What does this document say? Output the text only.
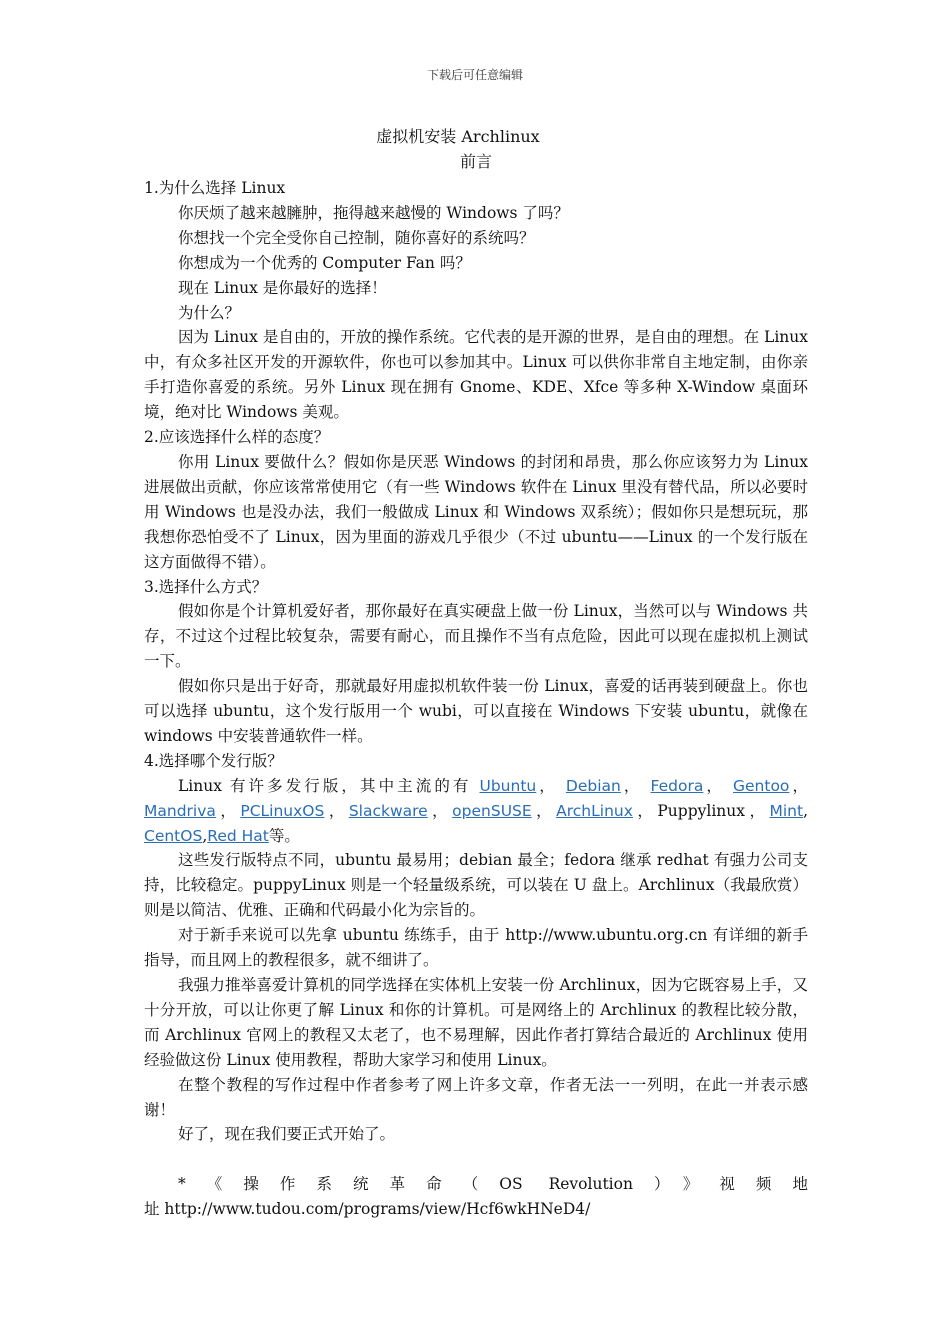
下载后可任意编辑
虚拟机安装 Archlinux
前言

1.为什么选择 Linux

你厌烦了越来越臃肿，拖得越来越慢的 Windows 了吗？

你想找一个完全受你自己控制，随你喜好的系统吗？

你想成为一个优秀的 Computer Fan 吗？

现在 Linux 是你最好的选择！

为什么？

因为 Linux 是自由的，开放的操作系统。它代表的是开源的世界，是自由的理想。在 Linux 中，有众多社区开发的开源软件，你也可以参加其中。Linux 可以供你非常自主地定制，由你亲手打造你喜爱的系统。另外 Linux 现在拥有 Gnome、KDE、Xfce 等多种 X-Window 桌面环境，绝对比 Windows 美观。

2.应该选择什么样的态度？

你用 Linux 要做什么？假如你是厌恶 Windows 的封闭和昂贵，那么你应该努力为 Linux 进展做出贡献，你应该常常使用它（有一些 Windows 软件在 Linux 里没有替代品，所以必要时用 Windows 也是没办法，我们一般做成 Linux 和 Windows 双系统）；假如你只是想玩玩，那我想你恐怕受不了 Linux，因为里面的游戏几乎很少（不过 ubuntu——Linux 的一个发行版在这方面做得不错）。

3.选择什么方式？

假如你是个计算机爱好者，那你最好在真实硬盘上做一份 Linux，当然可以与 Windows 共存，不过这个过程比较复杂，需要有耐心，而且操作不当有点危险，因此可以现在虚拟机上测试一下。

假如你只是出于好奇，那就最好用虚拟机软件装一份 Linux，喜爱的话再装到硬盘上。你也可以选择 ubuntu，这个发行版用一个 wubi，可以直接在 Windows 下安装 ubuntu，就像在 windows 中安装普通软件一样。

4.选择哪个发行版？

Linux 有许多发行版，其中主流的有 Ubuntu， Debian， Fedora， Gentoo，Mandriva，PCLinuxOS，Slackware，openSUSE，ArchLinux，Puppylinux，Mint, CentOS,Red Hat等。

这些发行版特点不同，ubuntu 最易用；debian 最全；fedora 继承 redhat 有强力公司支持，比较稳定。puppyLinux 则是一个轻量级系统，可以装在 U 盘上。Archlinux（我最欣赏）则是以简洁、优雅、正确和代码最小化为宗旨的。

对于新手来说可以先拿 ubuntu 练练手，由于 http://www.ubuntu.org.cn 有详细的新手指导，而且网上的教程很多，就不细讲了。

我强力推举喜爱计算机的同学选择在实体机上安装一份 Archlinux，因为它既容易上手，又十分开放，可以让你更了解 Linux 和你的计算机。可是网络上的 Archlinux 的教程比较分散，而 Archlinux 官网上的教程又太老了，也不易理解，因此作者打算结合最近的 Archlinux 使用经验做这份 Linux 使用教程，帮助大家学习和使用 Linux。

在整个教程的写作过程中作者参考了网上许多文章，作者无法一一列明，在此一并表示感谢！

好了，现在我们要正式开始了。

*《操作系统革命（OS Revolution）》视频地

址 http://www.tudou.com/programs/view/Hcf6wkHNeD4/
